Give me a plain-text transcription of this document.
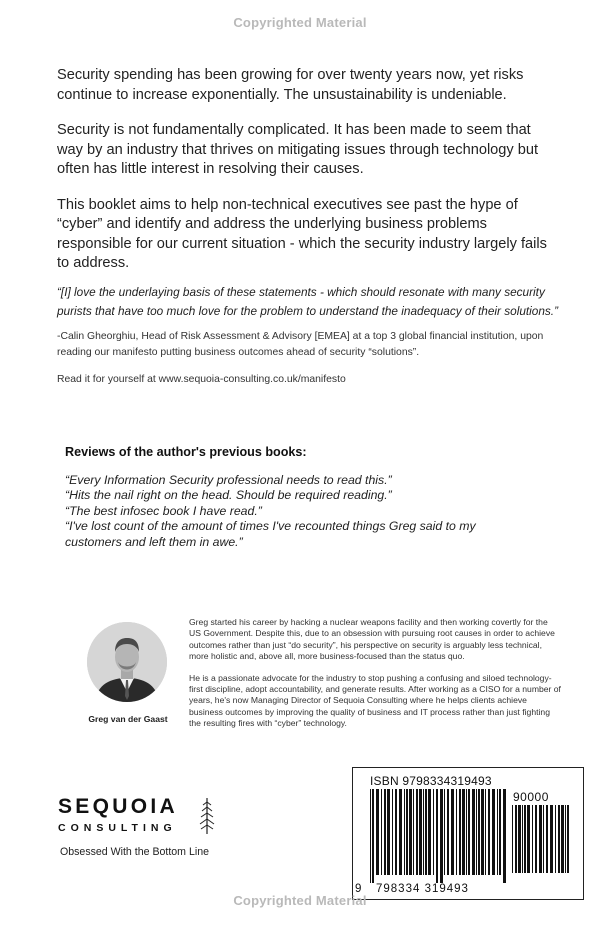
Copyrighted Material

Security spending has been growing for over twenty years now, yet risks continue to increase exponentially. The unsustainability is undeniable.

Security is not fundamentally complicated. It has been made to seem that way by an industry that thrives on mitigating issues through technology but often has little interest in resolving their causes.

This booklet aims to help non-technical executives see past the hype of “cyber” and identify and address the underlying business problems responsible for our current situation - which the security industry largely fails to address.

“[I] love the underlaying basis of these statements - which should resonate with many security purists that have too much love for the problem to understand the inadequacy of their solutions.”

-Calin Gheorghiu, Head of Risk Assessment & Advisory [EMEA] at a top 3 global financial institution, upon reading our manifesto putting business outcomes ahead of security “solutions”.

Read it for yourself at www.sequoia-consulting.co.uk/manifesto

Reviews of the author's previous books:

“Every Information Security professional needs to read this.”
“Hits the nail right on the head. Should be required reading.”
“The best infosec book I have read.”
“I've lost count of the amount of times I've recounted things Greg said to my
customers and left them in awe.”
Greg van der Gaast

Greg started his career by hacking a nuclear weapons facility and then working covertly for the US Government. Despite this, due to an obsession with pursuing root causes in order to achieve outcomes rather than just “do security”, his perspective on security is arguably less technical, more holistic and, above all, more business-focused than the status quo.

He is a passionate advocate for the industry to stop pushing a confusing and siloed technology-first discipline, adopt accountability, and generate results. After working as a CISO for a number of years, he's now Managing Director of Sequoia Consulting where he helps clients achieve business outcomes by improving the quality of business and IT process rather than just fighting the resulting fires with “cyber” technology.

SEQUOIA
CONSULTING
Obsessed With the Bottom Line
ISBN 9798334319493
90000
9 798334 319493
Copyrighted Material
